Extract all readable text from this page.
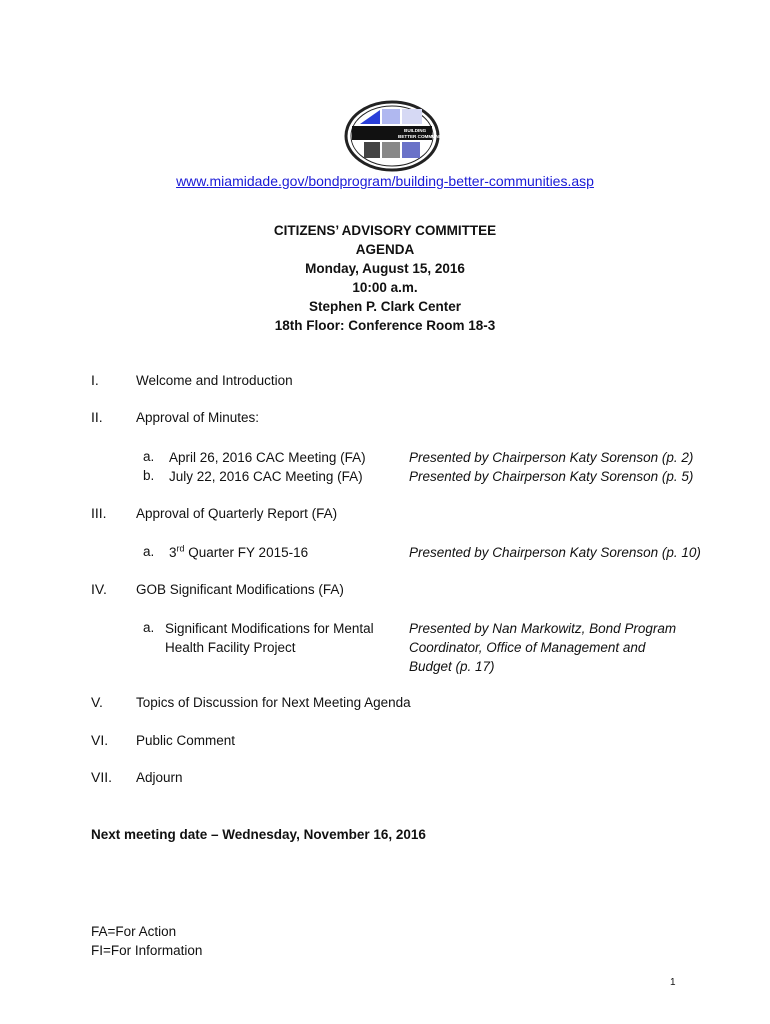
BUILDING
BETTER COMMUNITIES
www.miamidade.gov/bondprogram/building-better-communities.asp
CITIZENS’ ADVISORY COMMITTEE
AGENDA
Monday, August 15, 2016
10:00 a.m.
Stephen P. Clark Center
18th Floor: Conference Room 18-3
I.	Welcome and Introduction
II. Approval of Minutes:
a. April 26, 2016 CAC Meeting (FA)	Presented by Chairperson Katy Sorenson (p. 2)
b. July 22, 2016 CAC Meeting (FA)	Presented by Chairperson Katy Sorenson (p. 5)
III. Approval of Quarterly Report (FA)
a. 3rd Quarter FY 2015-16	Presented by Chairperson Katy Sorenson (p. 10)
IV. GOB Significant Modifications (FA)
a. Significant Modifications for Mental
Health Facility Project
Presented by Nan Markowitz, Bond Program
Coordinator, Office of Management and
Budget (p. 17)
V. Topics of Discussion for Next Meeting Agenda
VI. Public Comment
VII. Adjourn
Next meeting date – Wednesday, November 16, 2016
FA=For Action
FI=For Information
1
